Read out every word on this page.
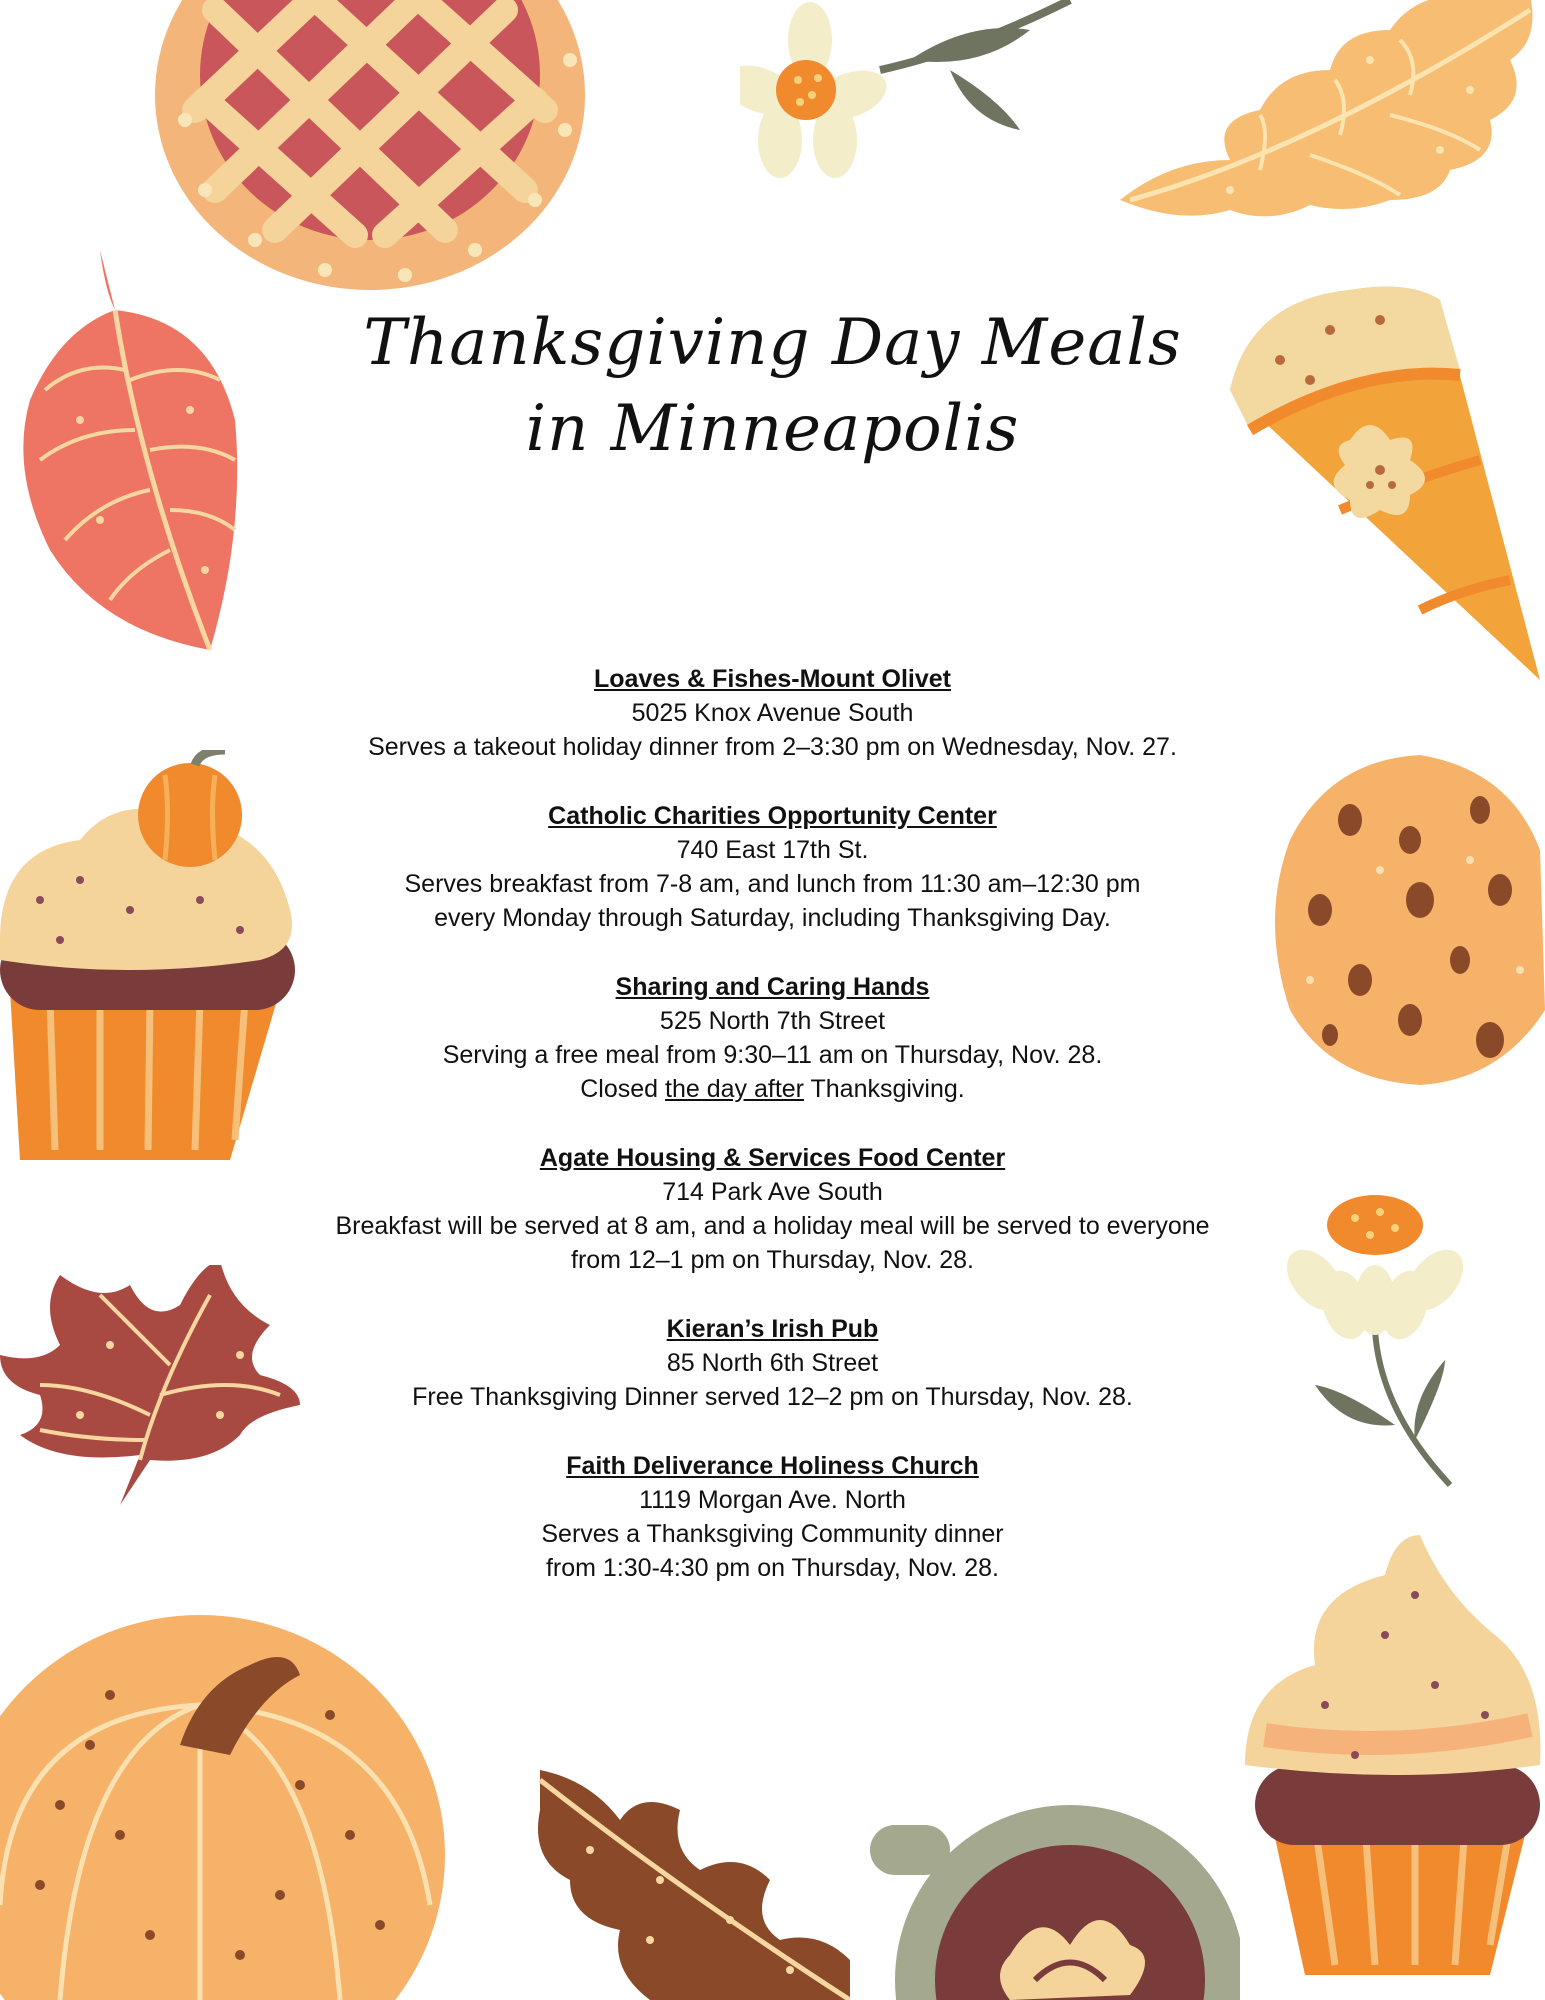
Thanksgiving Day Meals
in Minneapolis
Loaves & Fishes-Mount Olivet
5025 Knox Avenue South
Serves a takeout holiday dinner from 2–3:30 pm on Wednesday, Nov. 27.
Catholic Charities Opportunity Center
740 East 17th St.
Serves breakfast from 7-8 am, and lunch from 11:30 am–12:30 pm
every Monday through Saturday, including Thanksgiving Day.
Sharing and Caring Hands
525 North 7th Street
Serving a free meal from 9:30–11 am on Thursday, Nov. 28.
Closed the day after Thanksgiving.
Agate Housing & Services Food Center
714 Park Ave South
Breakfast will be served at 8 am, and a holiday meal will be served to everyone
from 12–1 pm on Thursday, Nov. 28.
Kieran’s Irish Pub
85 North 6th Street
Free Thanksgiving Dinner served 12–2 pm on Thursday, Nov. 28.
Faith Deliverance Holiness Church
1119 Morgan Ave. North
Serves a Thanksgiving Community dinner
from 1:30-4:30 pm on Thursday, Nov. 28.
